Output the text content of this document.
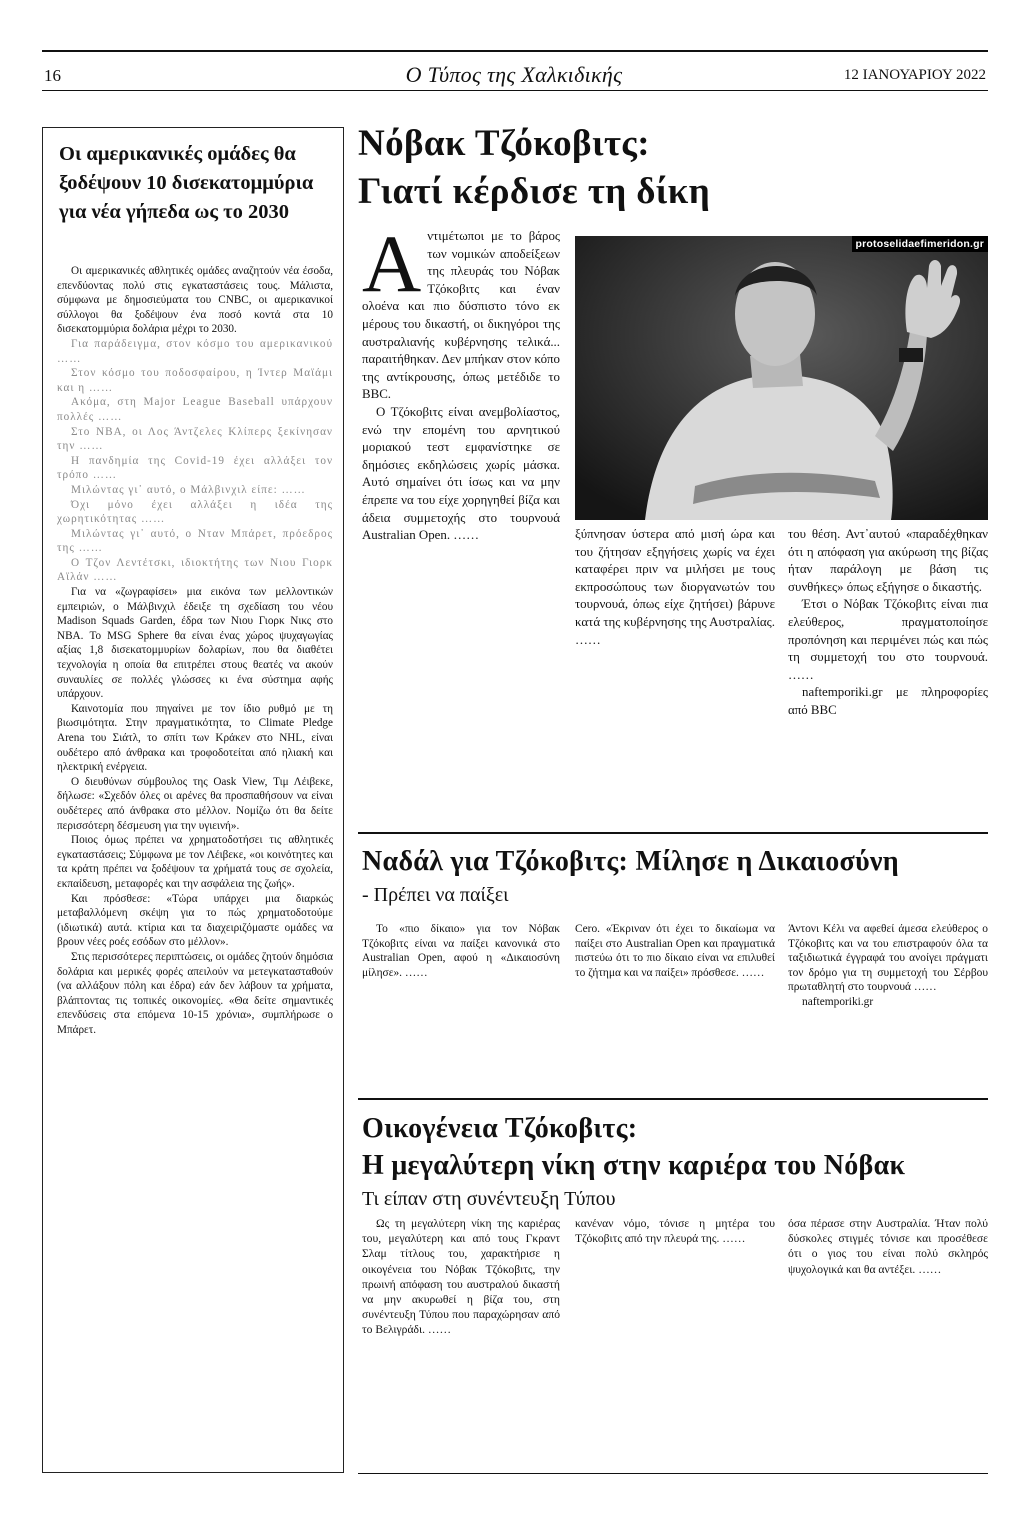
16	Ο Τύπος της Χαλκιδικής	12 ΙΑΝΟΥΑΡΙΟΥ 2022
Οι αμερικανικές ομάδες θα ξοδέψουν 10 δισεκατομμύρια για νέα γήπεδα ως το 2030

Οι αμερικανικές αθλητικές ομάδες αναζητούν νέα έσοδα, επενδύοντας πολύ στις εγκαταστάσεις τους. Μάλιστα, σύμφωνα με δημοσιεύματα του CNBC, οι αμερικανικοί σύλλογοι θα ξοδέψουν ένα ποσό κοντά στα 10 δισεκατομμύρια δολάρια μέχρι το 2030.

Για παράδειγμα, στον κόσμο του αμερικανικού ……

Στον κόσμο του ποδοσφαίρου, η Ίντερ Μαϊάμι και η ……

Ακόμα, στη Major League Baseball υπάρχουν πολλές ……

Στο NBA, οι Λος Άντζελες Κλίπερς ξεκίνησαν την ……

Η πανδημία της Covid-19 έχει αλλάξει τον τρόπο ……

Μιλώντας γι᾽ αυτό, ο Μάλβινχιλ είπε: ……

Όχι μόνο έχει αλλάξει η ιδέα της χωρητικότητας ……

Μιλώντας γι᾽ αυτό, ο Νταν Μπάρετ, πρόεδρος της ……

Ο Τζον Λεντέτσκι, ιδιοκτήτης των Νιου Γιορκ Αϊλάν ……

Για να «ζωγραφίσει» μια εικόνα των μελλοντικών εμπειριών, ο Μάλβινχιλ έδειξε τη σχεδίαση του νέου Madison Squads Garden, έδρα των Νιου Γιορκ Νικς στο NBA. Το MSG Sphere θα είναι ένας χώρος ψυχαγωγίας αξίας 1,8 δισεκατομμυρίων δολαρίων, που θα διαθέτει τεχνολογία η οποία θα επιτρέπει στους θεατές να ακούν συναυλίες σε πολλές γλώσσες κι ένα σύστημα αφής υπάρχουν.

Καινοτομία που πηγαίνει με τον ίδιο ρυθμό με τη βιωσιμότητα. Στην πραγματικότητα, το Climate Pledge Arena του Σιάτλ, το σπίτι των Κράκεν στο NHL, είναι ουδέτερο από άνθρακα και τροφοδοτείται από ηλιακή και ηλεκτρική ενέργεια.

Ο διευθύνων σύμβουλος της Oask View, Τιμ Λέιβεκε, δήλωσε: «Σχεδόν όλες οι αρένες θα προσπαθήσουν να είναι ουδέτερες από άνθρακα στο μέλλον. Νομίζω ότι θα δείτε περισσότερη δέσμευση για την υγιεινή».

Ποιος όμως πρέπει να χρηματοδοτήσει τις αθλητικές εγκαταστάσεις; Σύμφωνα με τον Λέιβεκε, «οι κοινότητες και τα κράτη πρέπει να ξοδέψουν τα χρήματά τους σε σχολεία, εκπαίδευση, μεταφορές και την ασφάλεια της ζωής».

Και πρόσθεσε: «Τώρα υπάρχει μια διαρκώς μεταβαλλόμενη σκέψη για το πώς χρηματοδοτούμε (ιδιωτικά) αυτά. κτίρια και τα διαχειριζόμαστε ομάδες να βρουν νέες ροές εσόδων στο μέλλον».

Στις περισσότερες περιπτώσεις, οι ομάδες ζητούν δημόσια δολάρια και μερικές φορές απειλούν να μετεγκατασταθούν (να αλλάξουν πόλη και έδρα) εάν δεν λάβουν τα χρήματα, βλάπτοντας τις τοπικές οικονομίες. «Θα δείτε σημαντικές επενδύσεις στα επόμενα 10-15 χρόνια», συμπλήρωσε ο Μπάρετ.

Νόβακ Τζόκοβιτς:
Γιατί κέρδισε τη δίκη

Αντιμέτωποι με το βάρος των νομικών αποδείξεων της πλευράς του Νόβακ Τζόκοβιτς και έναν ολοένα και πιο δύσπιστο τόνο εκ μέρους του δικαστή, οι δικηγόροι της αυστραλιανής κυβέρνησης τελικά... παραιτήθηκαν. Δεν μπήκαν στον κόπο της αντίκρουσης, όπως μετέδιδε το BBC.

Ο Τζόκοβιτς είναι ανεμβολίαστος, ενώ την επομένη του αρνητικού μοριακού τεστ εμφανίστηκε σε δημόσιες εκδηλώσεις χωρίς μάσκα. Αυτό σημαίνει ότι ίσως και να μην έπρεπε να του είχε χορηγηθεί βίζα και άδεια συμμετοχής στο τουρνουά Australian Open. ……

protoselidaefimeridon.gr

ξύπνησαν ύστερα από μισή ώρα και του ζήτησαν εξηγήσεις χωρίς να έχει καταφέρει πριν να μιλήσει με τους εκπροσώπους των διοργανωτών του τουρνουά, όπως είχε ζητήσει) βάρυνε κατά της κυβέρνησης της Αυστραλίας. ……

του θέση. Αντ᾽αυτού «παραδέχθηκαν ότι η απόφαση για ακύρωση της βίζας ήταν παράλογη με βάση τις συνθήκες» όπως εξήγησε ο δικαστής.

Έτσι ο Νόβακ Τζόκοβιτς είναι πια ελεύθερος, πραγματοποίησε προπόνηση και περιμένει πώς και πώς τη συμμετοχή του στο τουρνουά. ……

naftemporiki.gr με πληροφορίες από BBC

Ναδάλ για Τζόκοβιτς: Μίλησε η Δικαιοσύνη
- Πρέπει να παίξει

Το «πιο δίκαιο» για τον Νόβακ Τζόκοβιτς είναι να παίξει κανονικά στο Australian Open, αφού η «Δικαιοσύνη μίλησε». ……

Cero. «Έκριναν ότι έχει το δικαίωμα να παίξει στο Australian Open και πραγματικά πιστεύω ότι το πιο δίκαιο είναι να επιλυθεί το ζήτημα και να παίξει» πρόσθεσε. ……

Άντονι Κέλι να αφεθεί άμεσα ελεύθερος ο Τζόκοβιτς και να του επιστραφούν όλα τα ταξιδιωτικά έγγραφά του ανοίγει πράγματι τον δρόμο για τη συμμετοχή του Σέρβου πρωταθλητή στο τουρνουά ……

naftemporiki.gr

Οικογένεια Τζόκοβιτς:
Η μεγαλύτερη νίκη στην καριέρα του Νόβακ
Τι είπαν στη συνέντευξη Τύπου

Ως τη μεγαλύτερη νίκη της καριέρας του, μεγαλύτερη και από τους Γκραντ Σλαμ τίτλους του, χαρακτήρισε η οικογένεια του Νόβακ Τζόκοβιτς, την πρωινή απόφαση του αυστραλού δικαστή να μην ακυρωθεί η βίζα του, στη συνέντευξη Τύπου που παραχώρησαν από το Βελιγράδι. ……

κανέναν νόμο, τόνισε η μητέρα του Τζόκοβιτς από την πλευρά της. ……

όσα πέρασε στην Αυστραλία. Ήταν πολύ δύσκολες στιγμές τόνισε και προσέθεσε ότι ο γιος του είναι πολύ σκληρός ψυχολογικά και θα αντέξει. ……
